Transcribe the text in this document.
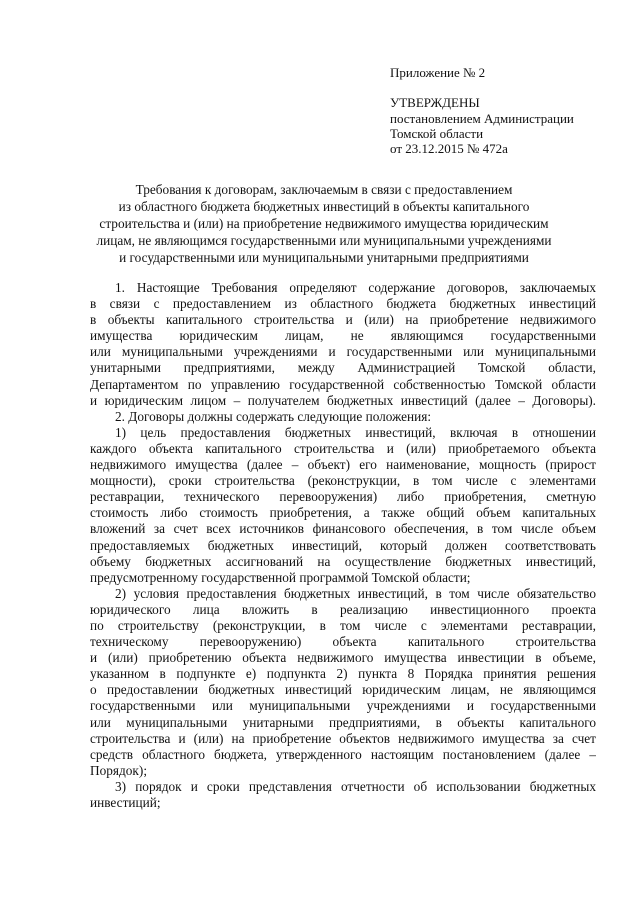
Приложение № 2
УТВЕРЖДЕНЫ
постановлением Администрации
Томской области
от 23.12.2015 № 472а
Требования к договорам, заключаемым в связи с предоставлением
из областного бюджета бюджетных инвестиций в объекты капитального
строительства и (или) на приобретение недвижимого имущества юридическим
лицам, не являющимся государственными или муниципальными учреждениями
и государственными или муниципальными унитарными предприятиями
1. Настоящие Требования определяют содержание договоров, заключаемых
в связи с предоставлением из областного бюджета бюджетных инвестиций
в объекты капитального строительства и (или) на приобретение недвижимого
имущества юридическим лицам, не являющимся государственными
или муниципальными учреждениями и государственными или муниципальными
унитарными предприятиями, между Администрацией Томской области,
Департаментом по управлению государственной собственностью Томской области
и юридическим лицом – получателем бюджетных инвестиций (далее – Договоры).
2. Договоры должны содержать следующие положения:
1) цель предоставления бюджетных инвестиций, включая в отношении
каждого объекта капитального строительства и (или) приобретаемого объекта
недвижимого имущества (далее – объект) его наименование, мощность (прирост
мощности), сроки строительства (реконструкции, в том числе с элементами
реставрации, технического перевооружения) либо приобретения, сметную
стоимость либо стоимость приобретения, а также общий объем капитальных
вложений за счет всех источников финансового обеспечения, в том числе объем
предоставляемых бюджетных инвестиций, который должен соответствовать
объему бюджетных ассигнований на осуществление бюджетных инвестиций,
предусмотренному государственной программой Томской области;
2) условия предоставления бюджетных инвестиций, в том числе обязательство
юридического лица вложить в реализацию инвестиционного проекта
по строительству (реконструкции, в том числе с элементами реставрации,
техническому перевооружению) объекта капитального строительства
и (или) приобретению объекта недвижимого имущества инвестиции в объеме,
указанном в подпункте е) подпункта 2) пункта 8 Порядка принятия решения
о предоставлении бюджетных инвестиций юридическим лицам, не являющимся
государственными или муниципальными учреждениями и государственными
или муниципальными унитарными предприятиями, в объекты капитального
строительства и (или) на приобретение объектов недвижимого имущества за счет
средств областного бюджета, утвержденного настоящим постановлением (далее –
Порядок);
3) порядок и сроки представления отчетности об использовании бюджетных
инвестиций;
